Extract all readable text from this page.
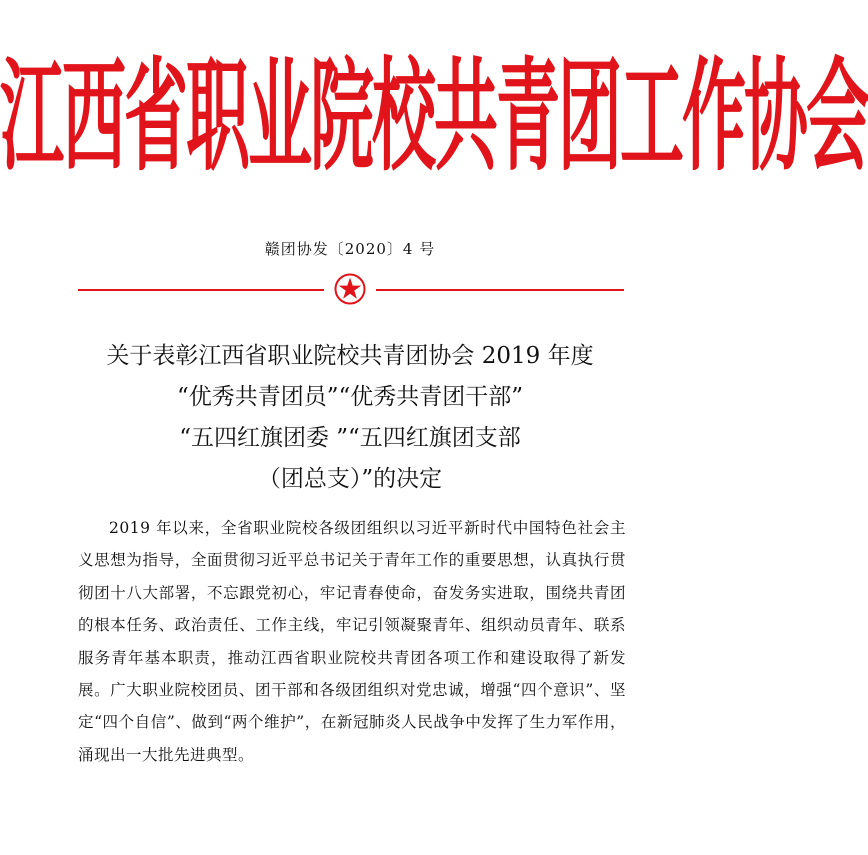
江西省职业院校共青团工作协会
赣团协发〔2020〕4 号
关于表彰江西省职业院校共青团协会 2019 年度
“优秀共青团员”“优秀共青团干部”
“五四红旗团委 ”“五四红旗团支部
（团总支）”的决定

2019 年以来，全省职业院校各级团组织以习近平新时代中国特色社会主义思想为指导，全面贯彻习近平总书记关于青年工作的重要思想，认真执行贯彻团十八大部署，不忘跟党初心，牢记青春使命，奋发务实进取，围绕共青团的根本任务、政治责任、工作主线，牢记引领凝聚青年、组织动员青年、联系服务青年基本职责，推动江西省职业院校共青团各项工作和建设取得了新发展。广大职业院校团员、团干部和各级团组织对党忠诚，增强“四个意识”、坚定“四个自信”、做到“两个维护”，在新冠肺炎人民战争中发挥了生力军作用，涌现出一大批先进典型。
